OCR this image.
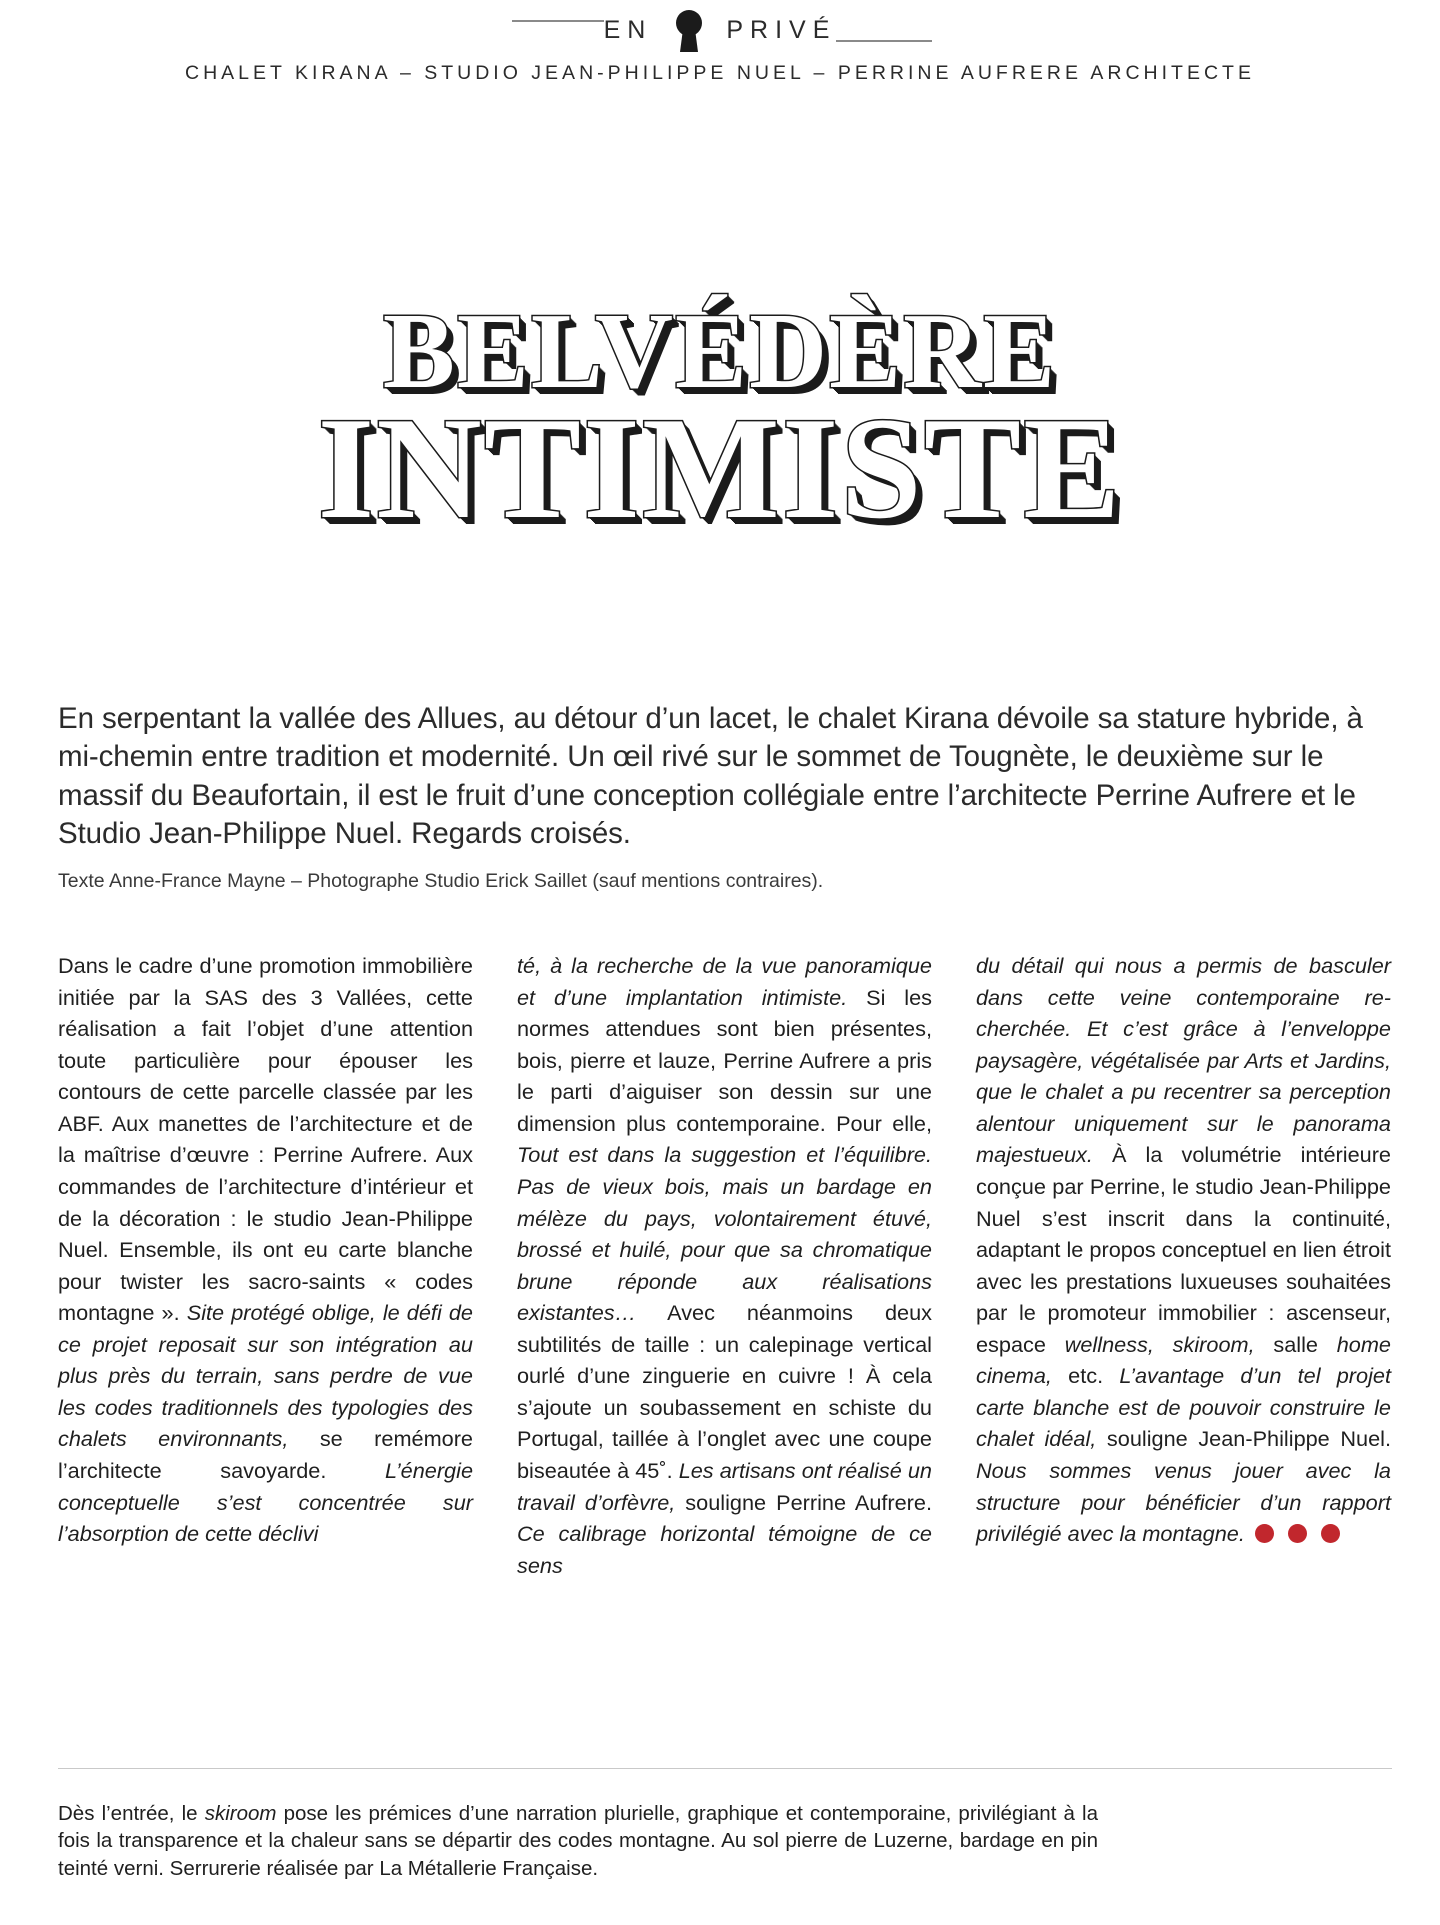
EN	PRIVÉ
CHALET KIRANA – STUDIO JEAN-PHILIPPE NUEL – PERRINE AUFRERE ARCHITECTE
BELVÉDÈRE
INTIMISTE
En serpentant la vallée des Allues, au détour d’un lacet, le chalet Kirana dévoile sa stature hybride, à mi-chemin entre tradition et modernité. Un œil rivé sur le sommet de Tougnète, le deuxième sur le massif du Beaufortain, il est le fruit d’une conception collégiale entre l’architecte Perrine Aufrere et le Studio Jean-Philippe Nuel. Regards croisés.
Texte Anne-France Mayne – Photographe Studio Erick Saillet (sauf mentions contraires).

Dans le cadre d’une promotion immobilière initiée par la SAS des 3 Vallées, cette réalisation a fait l’objet d’une attention toute particulière pour épouser les contours de cette parcelle classée par les ABF. Aux manettes de l’architecture et de la maîtrise d’œuvre : Perrine Aufrere. Aux commandes de l’architecture d’intérieur et de la décoration : le studio Jean-Philippe Nuel. Ensemble, ils ont eu carte blanche pour twister les sacro-saints « codes montagne ». Site protégé oblige, le défi de ce projet reposait sur son intégration au plus près du terrain, sans perdre de vue les codes traditionnels des typologies des chalets environnants, se remémore l’architecte savoyarde. L’énergie conceptuelle s’est concentrée sur l’absorption de cette déclivi

té, à la recherche de la vue panoramique et d’une implantation intimiste. Si les normes attendues sont bien présentes, bois, pierre et lauze, Perrine Aufrere a pris le parti d’aiguiser son dessin sur une dimension plus contemporaine. Pour elle, Tout est dans la suggestion et l’équilibre. Pas de vieux bois, mais un bardage en mélèze du pays, volontairement étuvé, brossé et huilé, pour que sa chromatique brune réponde aux réalisations existantes… Avec néanmoins deux subtilités de taille : un calepinage vertical ourlé d’une zinguerie en cuivre ! À cela s’ajoute un soubassement en schiste du Portugal, taillée à l’onglet avec une coupe biseautée à 45˚. Les artisans ont réalisé un travail d’orfèvre, souligne Perrine Aufrere. Ce calibrage horizontal témoigne de ce sens

du détail qui nous a permis de basculer dans cette veine contemporaine recherchée. Et c’est grâce à l’enveloppe paysagère, végétalisée par Arts et Jardins, que le chalet a pu recentrer sa perception alentour uniquement sur le panorama majestueux. À la volumétrie intérieure conçue par Perrine, le studio Jean-Philippe Nuel s’est inscrit dans la continuité, adaptant le propos conceptuel en lien étroit avec les prestations luxueuses souhaitées par le promoteur immobilier : ascenseur, espace wellness, skiroom, salle home cinema, etc. L’avantage d’un tel projet carte blanche est de pouvoir construire le chalet idéal, souligne Jean-Philippe Nuel. Nous sommes venus jouer avec la structure pour bénéficier d’un rapport privilégié avec la montagne.

Dès l’entrée, le skiroom pose les prémices d’une narration plurielle, graphique et contemporaine, privilégiant à la fois la transparence et la chaleur sans se départir des codes montagne. Au sol pierre de Luzerne, bardage en pin teinté verni. Serrurerie réalisée par La Métallerie Française.
